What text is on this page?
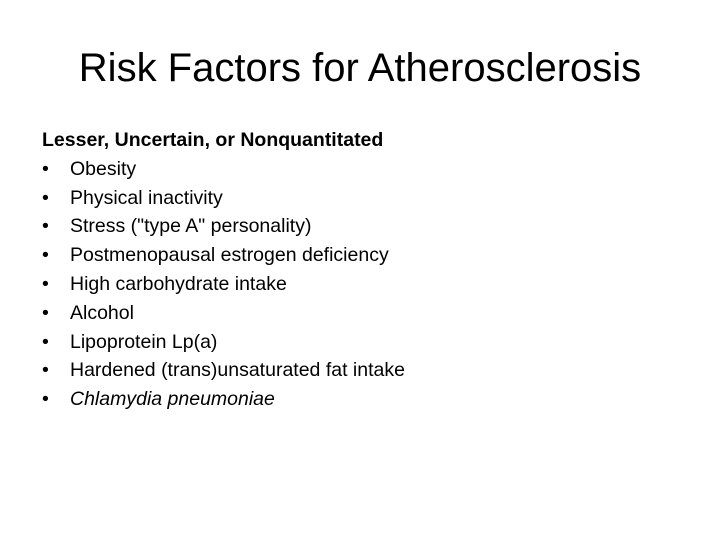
Risk Factors for Atherosclerosis

Lesser, Uncertain, or Nonquantitated

•	Obesity
•	Physical inactivity
•	Stress ("type A" personality)
•	Postmenopausal estrogen deficiency
•	High carbohydrate intake
•	Alcohol
•	Lipoprotein Lp(a)
•	Hardened (trans)unsaturated fat intake
•	Chlamydia pneumoniae
